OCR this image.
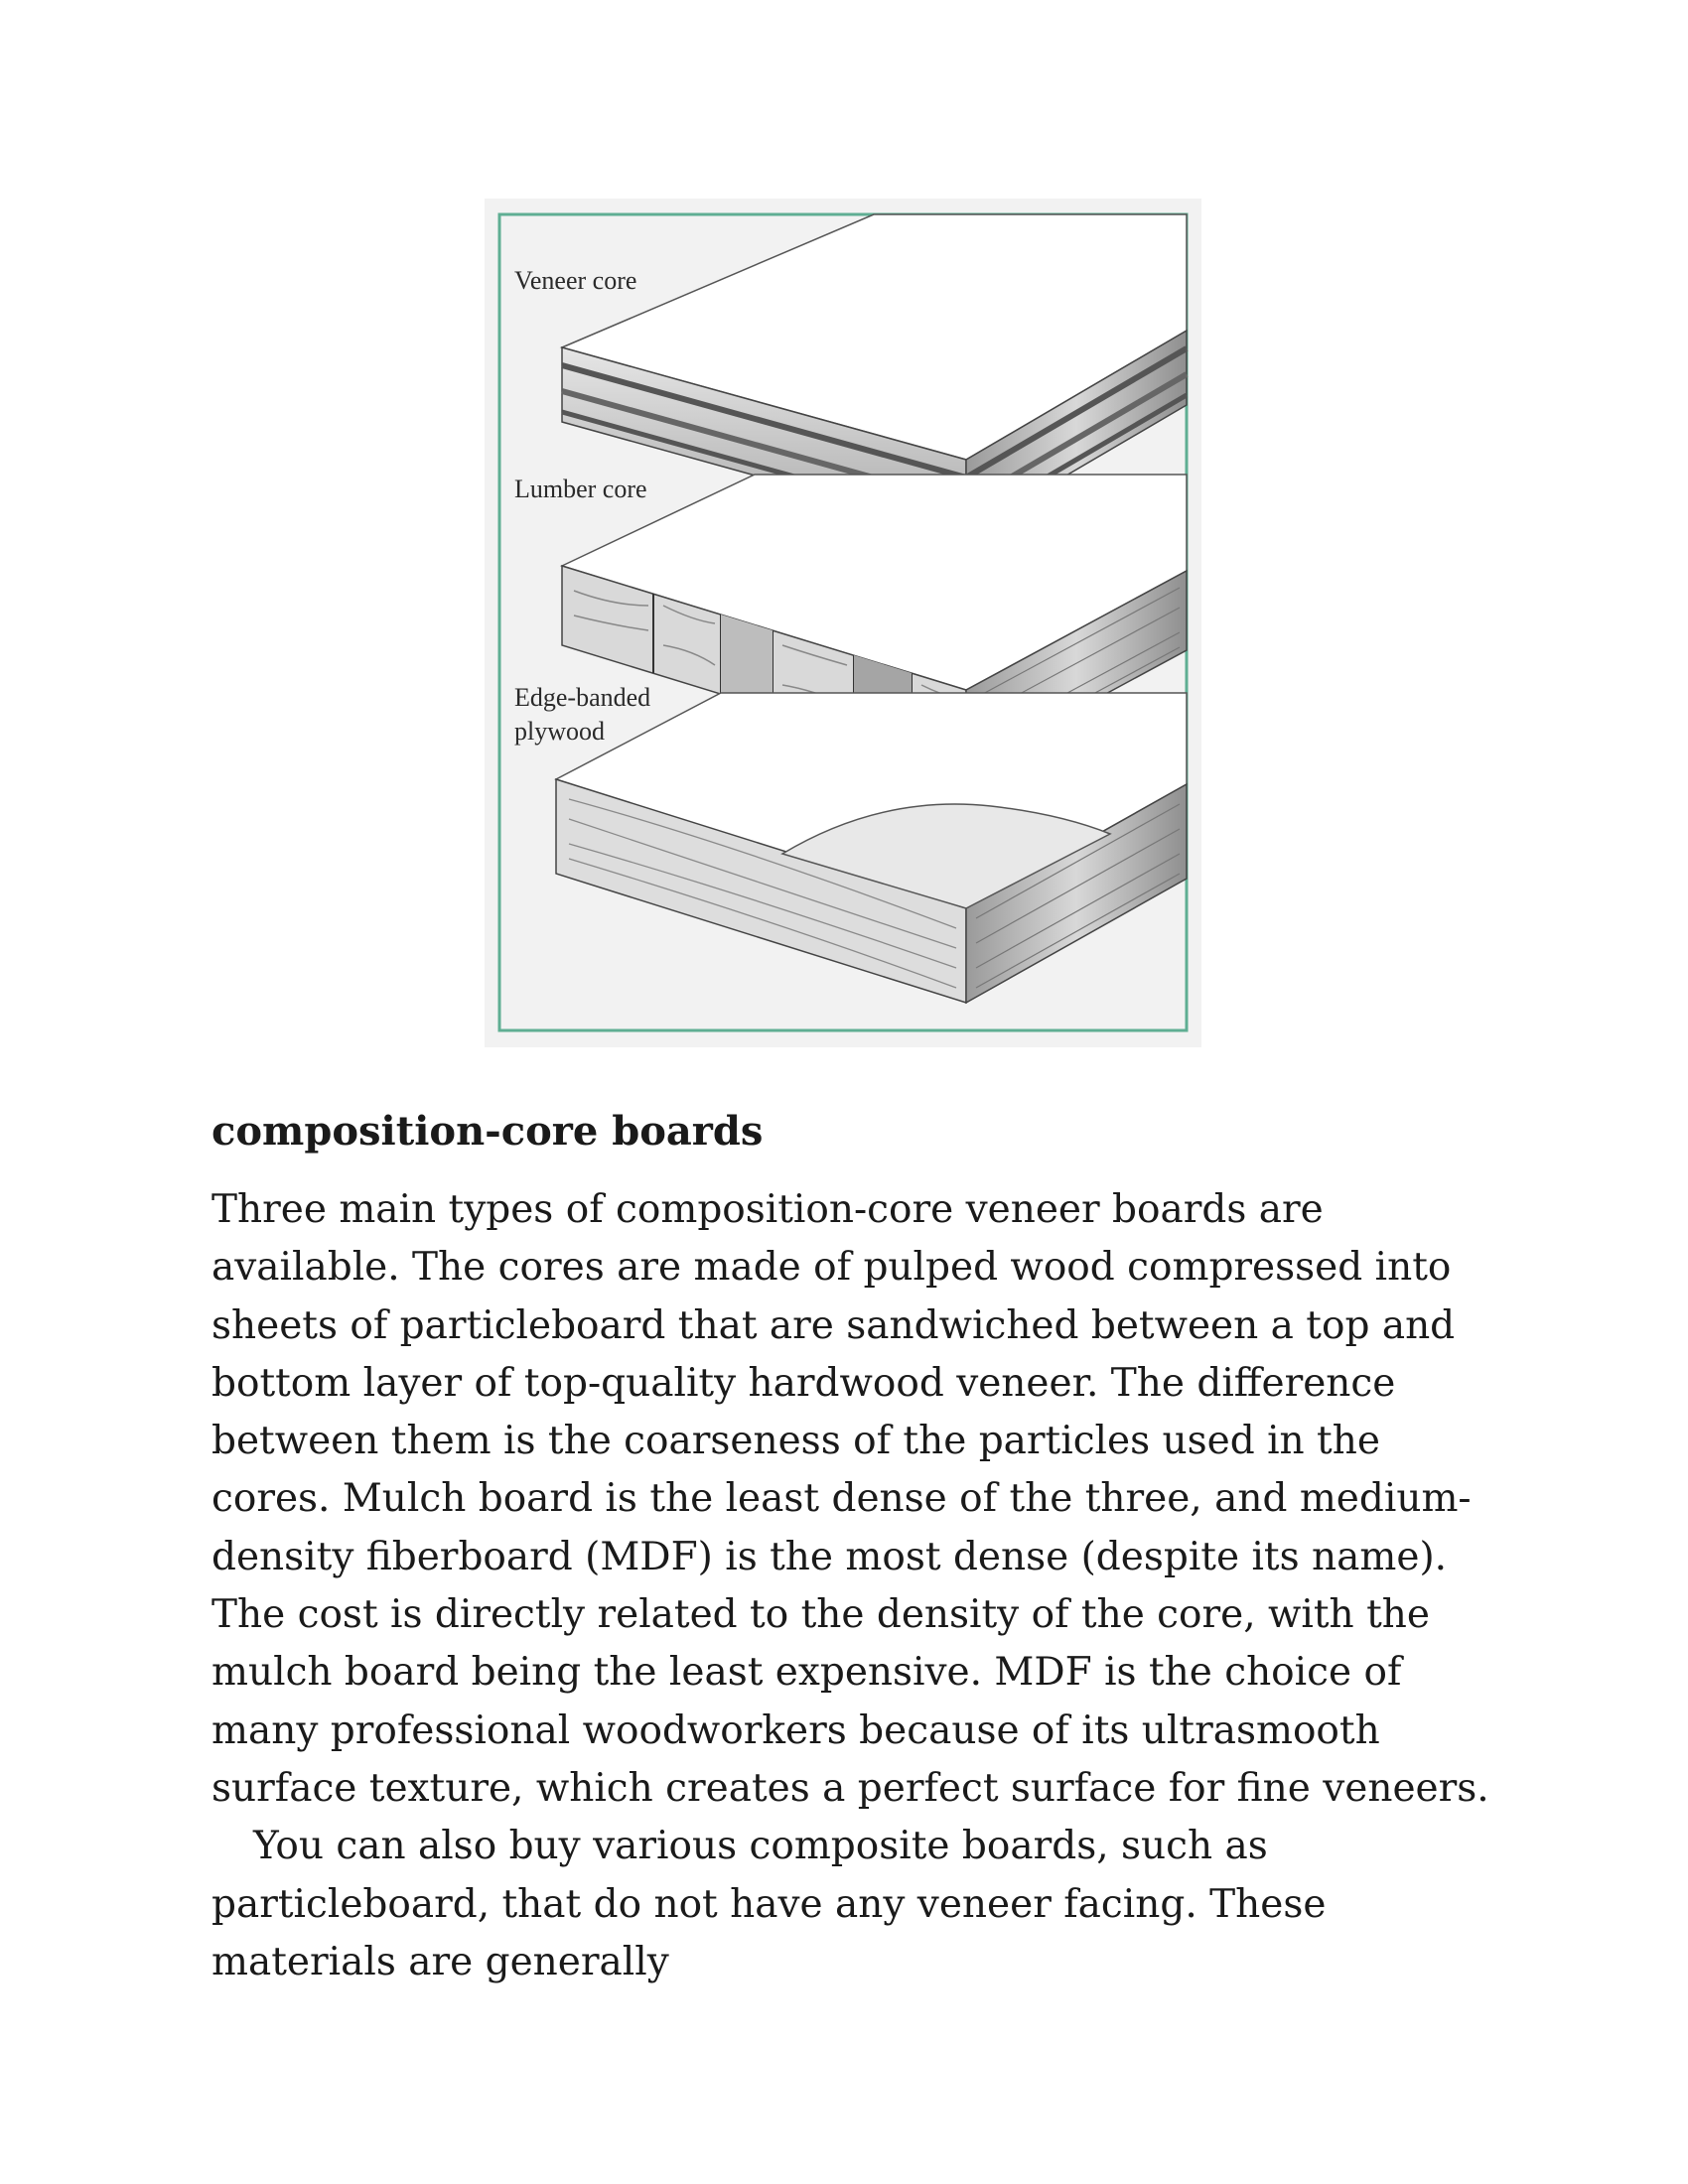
Veneer core
Lumber core
Edge-banded
plywood
composition-core boards

Three main types of composition-core veneer boards are available. The cores are made of pulped wood compressed into sheets of particleboard that are sandwiched between a top and bottom layer of top-quality hardwood veneer. The difference between them is the coarseness of the particles used in the cores. Mulch board is the least dense of the three, and medium-density fiberboard (MDF) is the most dense (despite its name). The cost is directly related to the density of the core, with the mulch board being the least expensive. MDF is the choice of many professional woodworkers because of its ultrasmooth surface texture, which creates a perfect surface for fine veneers.

You can also buy various composite boards, such as particleboard, that do not have any veneer facing. These materials are generally
